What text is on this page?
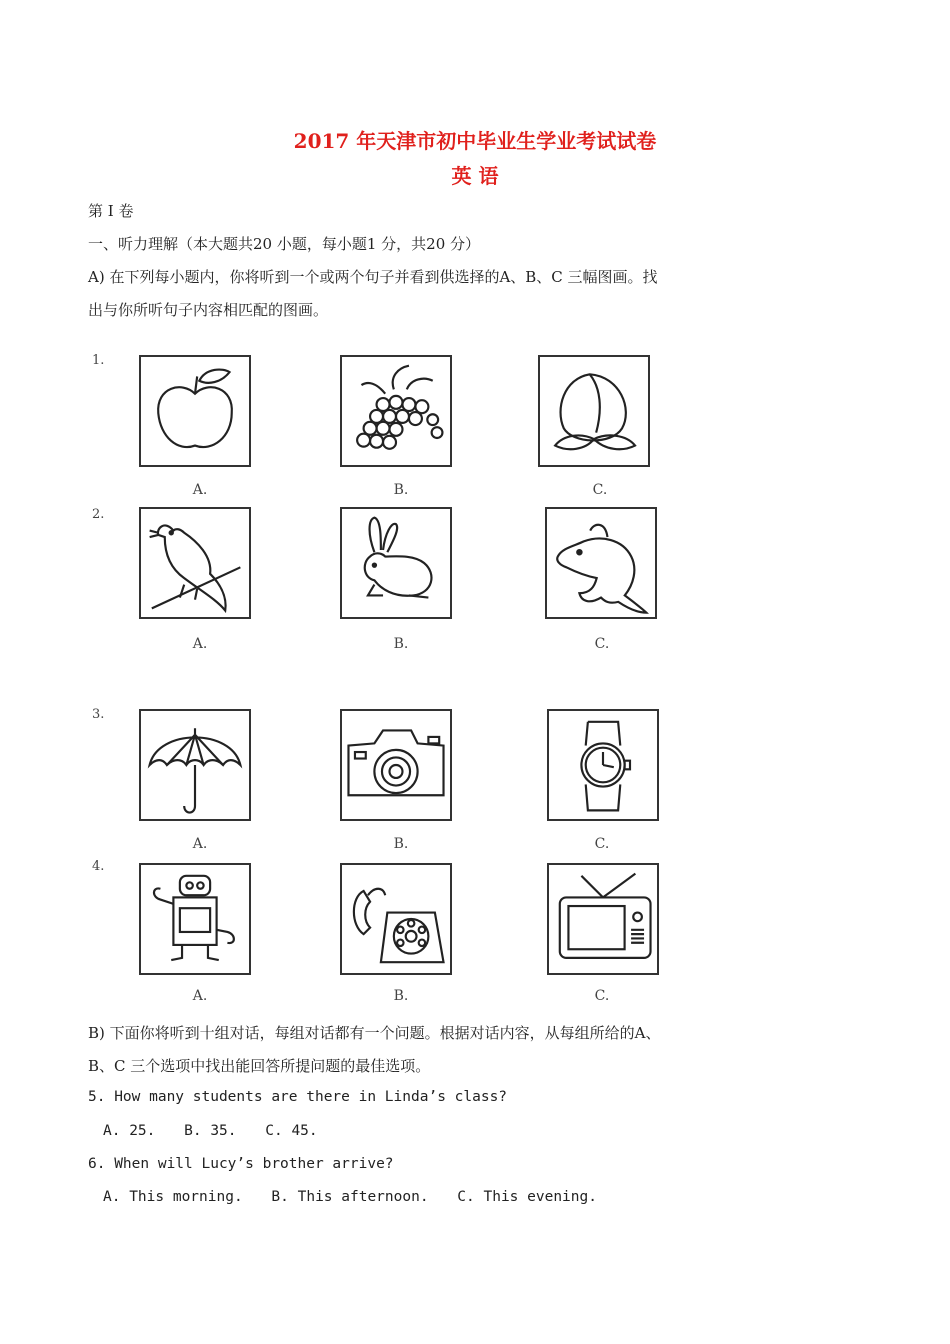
2017 年天津市初中毕业生学业考试试卷
英 语
第 I 卷
一、听力理解（本大题共20 小题，每小题1 分，共20 分）
A) 在下列每小题内，你将听到一个或两个句子并看到供选择的A、B、C 三幅图画。找
出与你所听句子内容相匹配的图画。
1.
A.	B.	C.
2.
A.	B.	C.
3.
A.	B.	C.
4.
A.	B.	C.
B) 下面你将听到十组对话，每组对话都有一个问题。根据对话内容，从每组所给的A、
B、C 三个选项中找出能回答所提问题的最佳选项。
5. How many students are there in Linda’s class?
A. 25. B. 35. C. 45.
6. When will Lucy’s brother arrive?
A. This morning. B. This afternoon. C. This evening.
